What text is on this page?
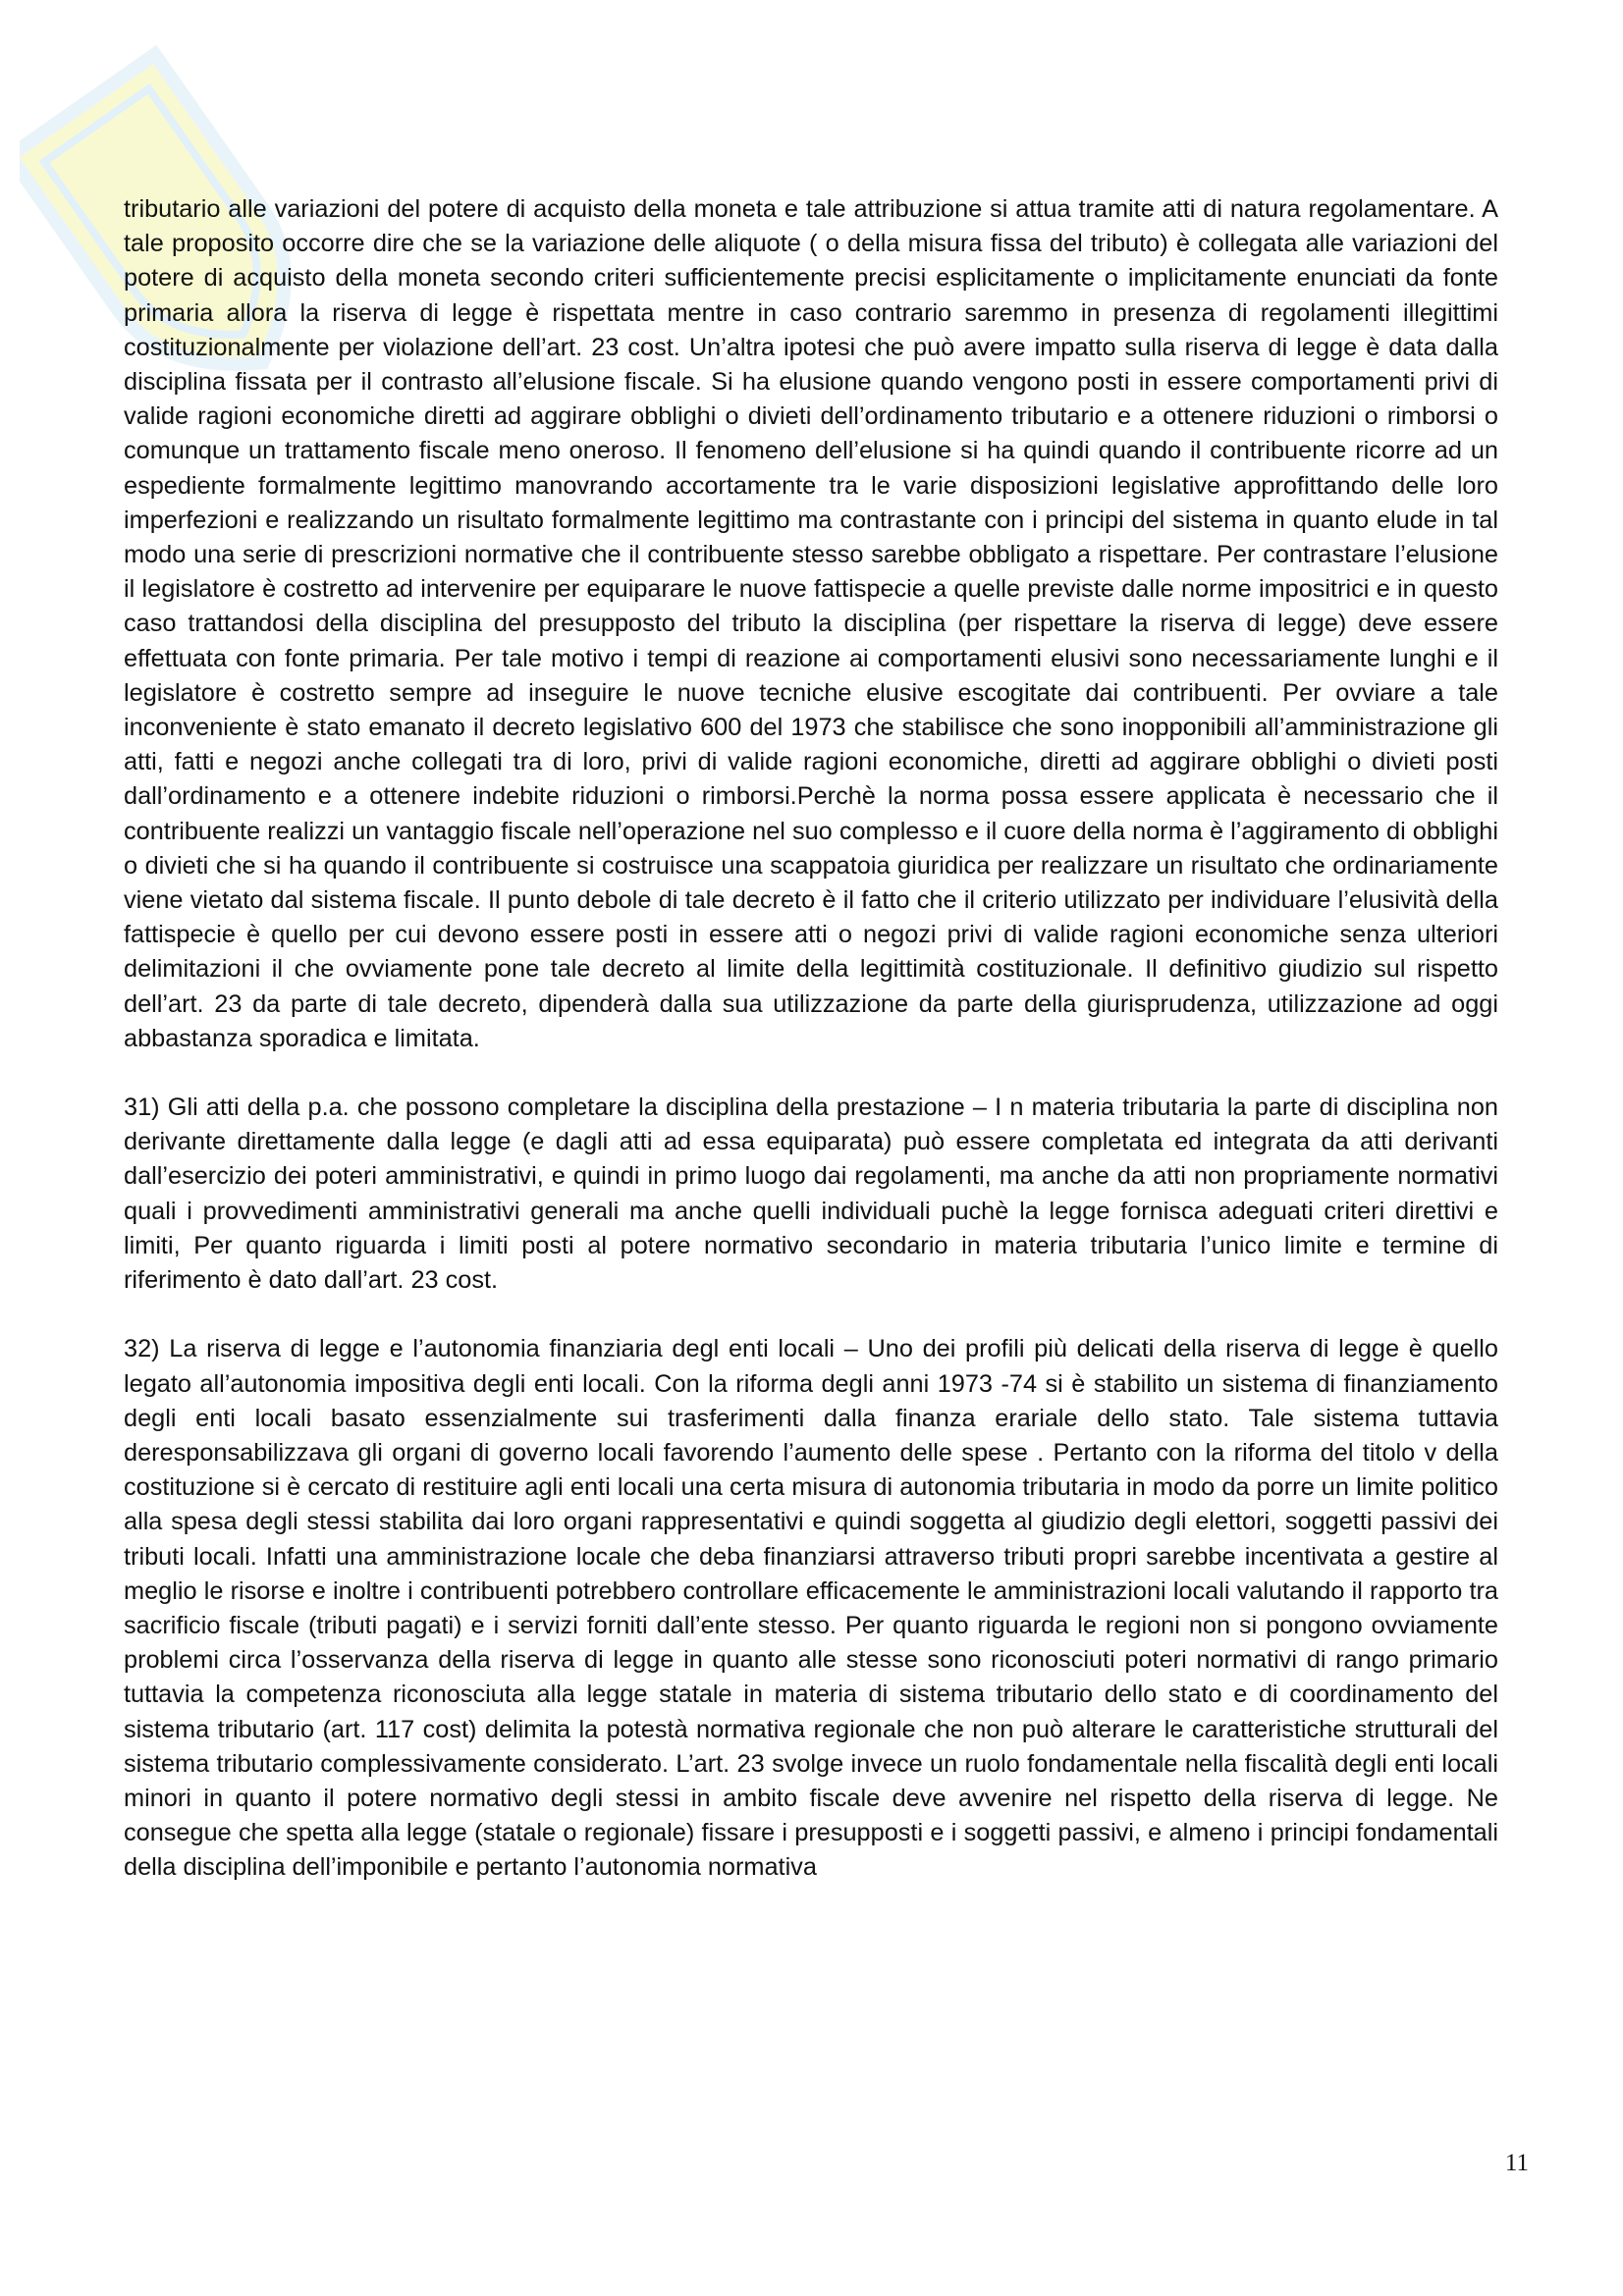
tributario alle variazioni del potere di acquisto della moneta e tale attribuzione si attua tramite atti di natura regolamentare. A tale proposito occorre dire che se la variazione delle aliquote ( o della misura fissa del tributo) è collegata alle variazioni del potere di acquisto della moneta secondo criteri sufficientemente precisi esplicitamente o implicitamente enunciati da fonte primaria allora la riserva di legge è rispettata mentre in caso contrario saremmo in presenza di regolamenti illegittimi costituzionalmente per violazione dell’art. 23 cost. Un’altra ipotesi che può avere impatto sulla riserva di legge è data dalla disciplina fissata per il contrasto all’elusione fiscale. Si ha elusione quando vengono posti in essere comportamenti privi di valide ragioni economiche diretti ad aggirare obblighi o divieti dell’ordinamento tributario e a ottenere riduzioni o rimborsi o comunque un trattamento fiscale meno oneroso. Il fenomeno dell’elusione si ha quindi quando il contribuente ricorre ad un espediente formalmente legittimo manovrando accortamente tra le varie disposizioni legislative approfittando delle loro imperfezioni e realizzando un risultato formalmente legittimo ma contrastante con i principi del sistema in quanto elude in tal modo una serie di prescrizioni normative che il contribuente stesso sarebbe obbligato a rispettare. Per contrastare l’elusione il legislatore è costretto ad intervenire per equiparare le nuove fattispecie a quelle previste dalle norme impositrici e in questo caso trattandosi della disciplina del presupposto del tributo la disciplina (per rispettare la riserva di legge) deve essere effettuata con fonte primaria. Per tale motivo i tempi di reazione ai comportamenti elusivi sono necessariamente lunghi e il legislatore è costretto sempre ad inseguire le nuove tecniche elusive escogitate dai contribuenti. Per ovviare a tale inconveniente è stato emanato il decreto legislativo 600 del 1973 che stabilisce che sono inopponibili all’amministrazione gli atti, fatti e negozi anche collegati tra di loro, privi di valide ragioni economiche, diretti ad aggirare obblighi o divieti posti dall’ordinamento e a ottenere indebite riduzioni o rimborsi.Perchè la norma possa essere applicata è necessario che il contribuente realizzi un vantaggio fiscale nell’operazione nel suo complesso e il cuore della norma è l’aggiramento di obblighi o divieti che si ha quando il contribuente si costruisce una scappatoia giuridica per realizzare un risultato che ordinariamente viene vietato dal sistema fiscale. Il punto debole di tale decreto è il fatto che il criterio utilizzato per individuare l’elusività della fattispecie è quello per cui devono essere posti in essere atti o negozi privi di valide ragioni economiche senza ulteriori delimitazioni il che ovviamente pone tale decreto al limite della legittimità costituzionale. Il definitivo giudizio sul rispetto dell’art. 23 da parte di tale decreto, dipenderà dalla sua utilizzazione da parte della giurisprudenza, utilizzazione ad oggi abbastanza sporadica e limitata.

31) Gli atti della p.a. che possono completare la disciplina della prestazione – I n materia tributaria la parte di disciplina non derivante direttamente dalla legge (e dagli atti ad essa equiparata) può essere completata ed integrata da atti derivanti dall’esercizio dei poteri amministrativi, e quindi in primo luogo dai regolamenti, ma anche da atti non propriamente normativi quali i provvedimenti amministrativi generali ma anche quelli individuali puchè la legge fornisca adeguati criteri direttivi e limiti, Per quanto riguarda i limiti posti al potere normativo secondario in materia tributaria l’unico limite e termine di riferimento è dato dall’art. 23 cost.

32) La riserva di legge e l’autonomia finanziaria degl enti locali – Uno dei profili più delicati della riserva di legge è quello legato all’autonomia impositiva degli enti locali. Con la riforma degli anni 1973 -74 si è stabilito un sistema di finanziamento degli enti locali basato essenzialmente sui trasferimenti dalla finanza erariale dello stato. Tale sistema tuttavia deresponsabilizzava gli organi di governo locali favorendo l’aumento delle spese . Pertanto con la riforma del titolo v della costituzione si è cercato di restituire agli enti locali una certa misura di autonomia tributaria in modo da porre un limite politico alla spesa degli stessi stabilita dai loro organi rappresentativi e quindi soggetta al giudizio degli elettori, soggetti passivi dei tributi locali. Infatti una amministrazione locale che deba finanziarsi attraverso tributi propri sarebbe incentivata a gestire al meglio le risorse e inoltre i contribuenti potrebbero controllare efficacemente le amministrazioni locali valutando il rapporto tra sacrificio fiscale (tributi pagati) e i servizi forniti dall’ente stesso. Per quanto riguarda le regioni non si pongono ovviamente problemi circa l’osservanza della riserva di legge in quanto alle stesse sono riconosciuti poteri normativi di rango primario tuttavia la competenza riconosciuta alla legge statale in materia di sistema tributario dello stato e di coordinamento del sistema tributario (art. 117 cost) delimita la potestà normativa regionale che non può alterare le caratteristiche strutturali del sistema tributario complessivamente considerato. L’art. 23 svolge invece un ruolo fondamentale nella fiscalità degli enti locali minori in quanto il potere normativo degli stessi in ambito fiscale deve avvenire nel rispetto della riserva di legge. Ne consegue che spetta alla legge (statale o regionale) fissare i presupposti e i soggetti passivi, e almeno i principi fondamentali della disciplina dell’imponibile e pertanto l’autonomia normativa

11
